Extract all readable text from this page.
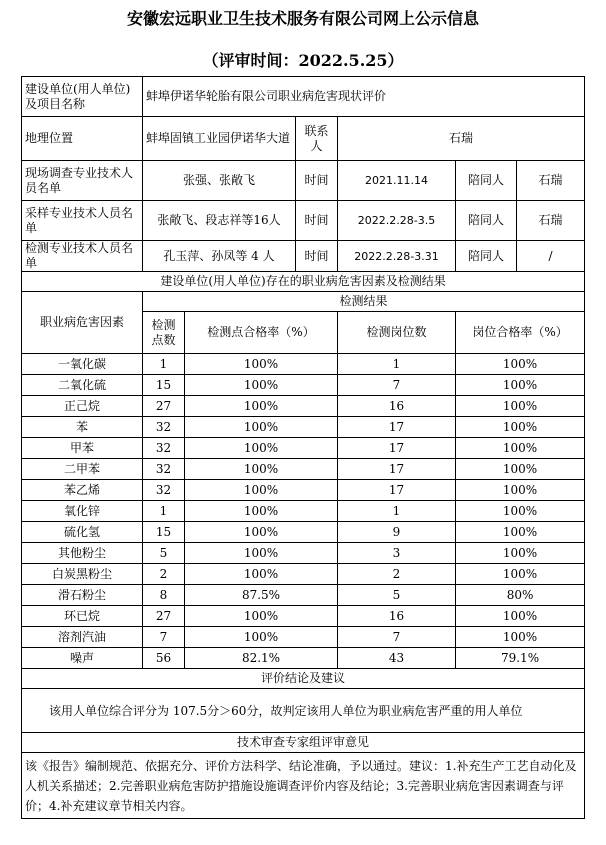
安徽宏远职业卫生技术服务有限公司网上公示信息
（评审时间：2022.5.25）
建设单位(用人单位)及项目名称	蚌埠伊诺华轮胎有限公司职业病危害现状评价					
地理位置	蚌埠固镇工业园伊诺华大道		联系人	石瑞		
现场调查专业技术人员名单	张强、张敞飞		时间	2021.11.14	陪同人	石瑞
采样专业技术人员名单	张敞飞、段志祥等16人		时间	2022.2.28-3.5	陪同人	石瑞
检测专业技术人员名单	孔玉萍、孙凤等 4 人		时间	2022.2.28-3.31	陪同人	/
建设单位(用人单位)存在的职业病危害因素及检测结果						
职业病危害因素	检测结果					
	检测点数	检测点合格率（%）		检测岗位数	岗位合格率（%）	
一氧化碳	1	100%		1	100%	
二氧化硫	15	100%		7	100%	
正己烷	27	100%		16	100%	
苯	32	100%		17	100%	
甲苯	32	100%		17	100%	
二甲苯	32	100%		17	100%	
苯乙烯	32	100%		17	100%	
氧化锌	1	100%		1	100%	
硫化氢	15	100%		9	100%	
其他粉尘	5	100%		3	100%	
白炭黑粉尘	2	100%		2	100%	
滑石粉尘	8	87.5%		5	80%	
环已烷	27	100%		16	100%	
溶剂汽油	7	100%		7	100%	
噪声	56	82.1%		43	79.1%	
评价结论及建议						
该用人单位综合评分为 107.5分＞60分，故判定该用人单位为职业病危害严重的用人单位						
技术审查专家组评审意见						
该《报告》编制规范、依据充分、评价方法科学、结论准确，予以通过。建议：1.补充生产工艺自动化及人机关系描述；2.完善职业病危害防护措施设施调查评价内容及结论；3.完善职业病危害因素调查与评价；4.补充建议章节相关内容。						
